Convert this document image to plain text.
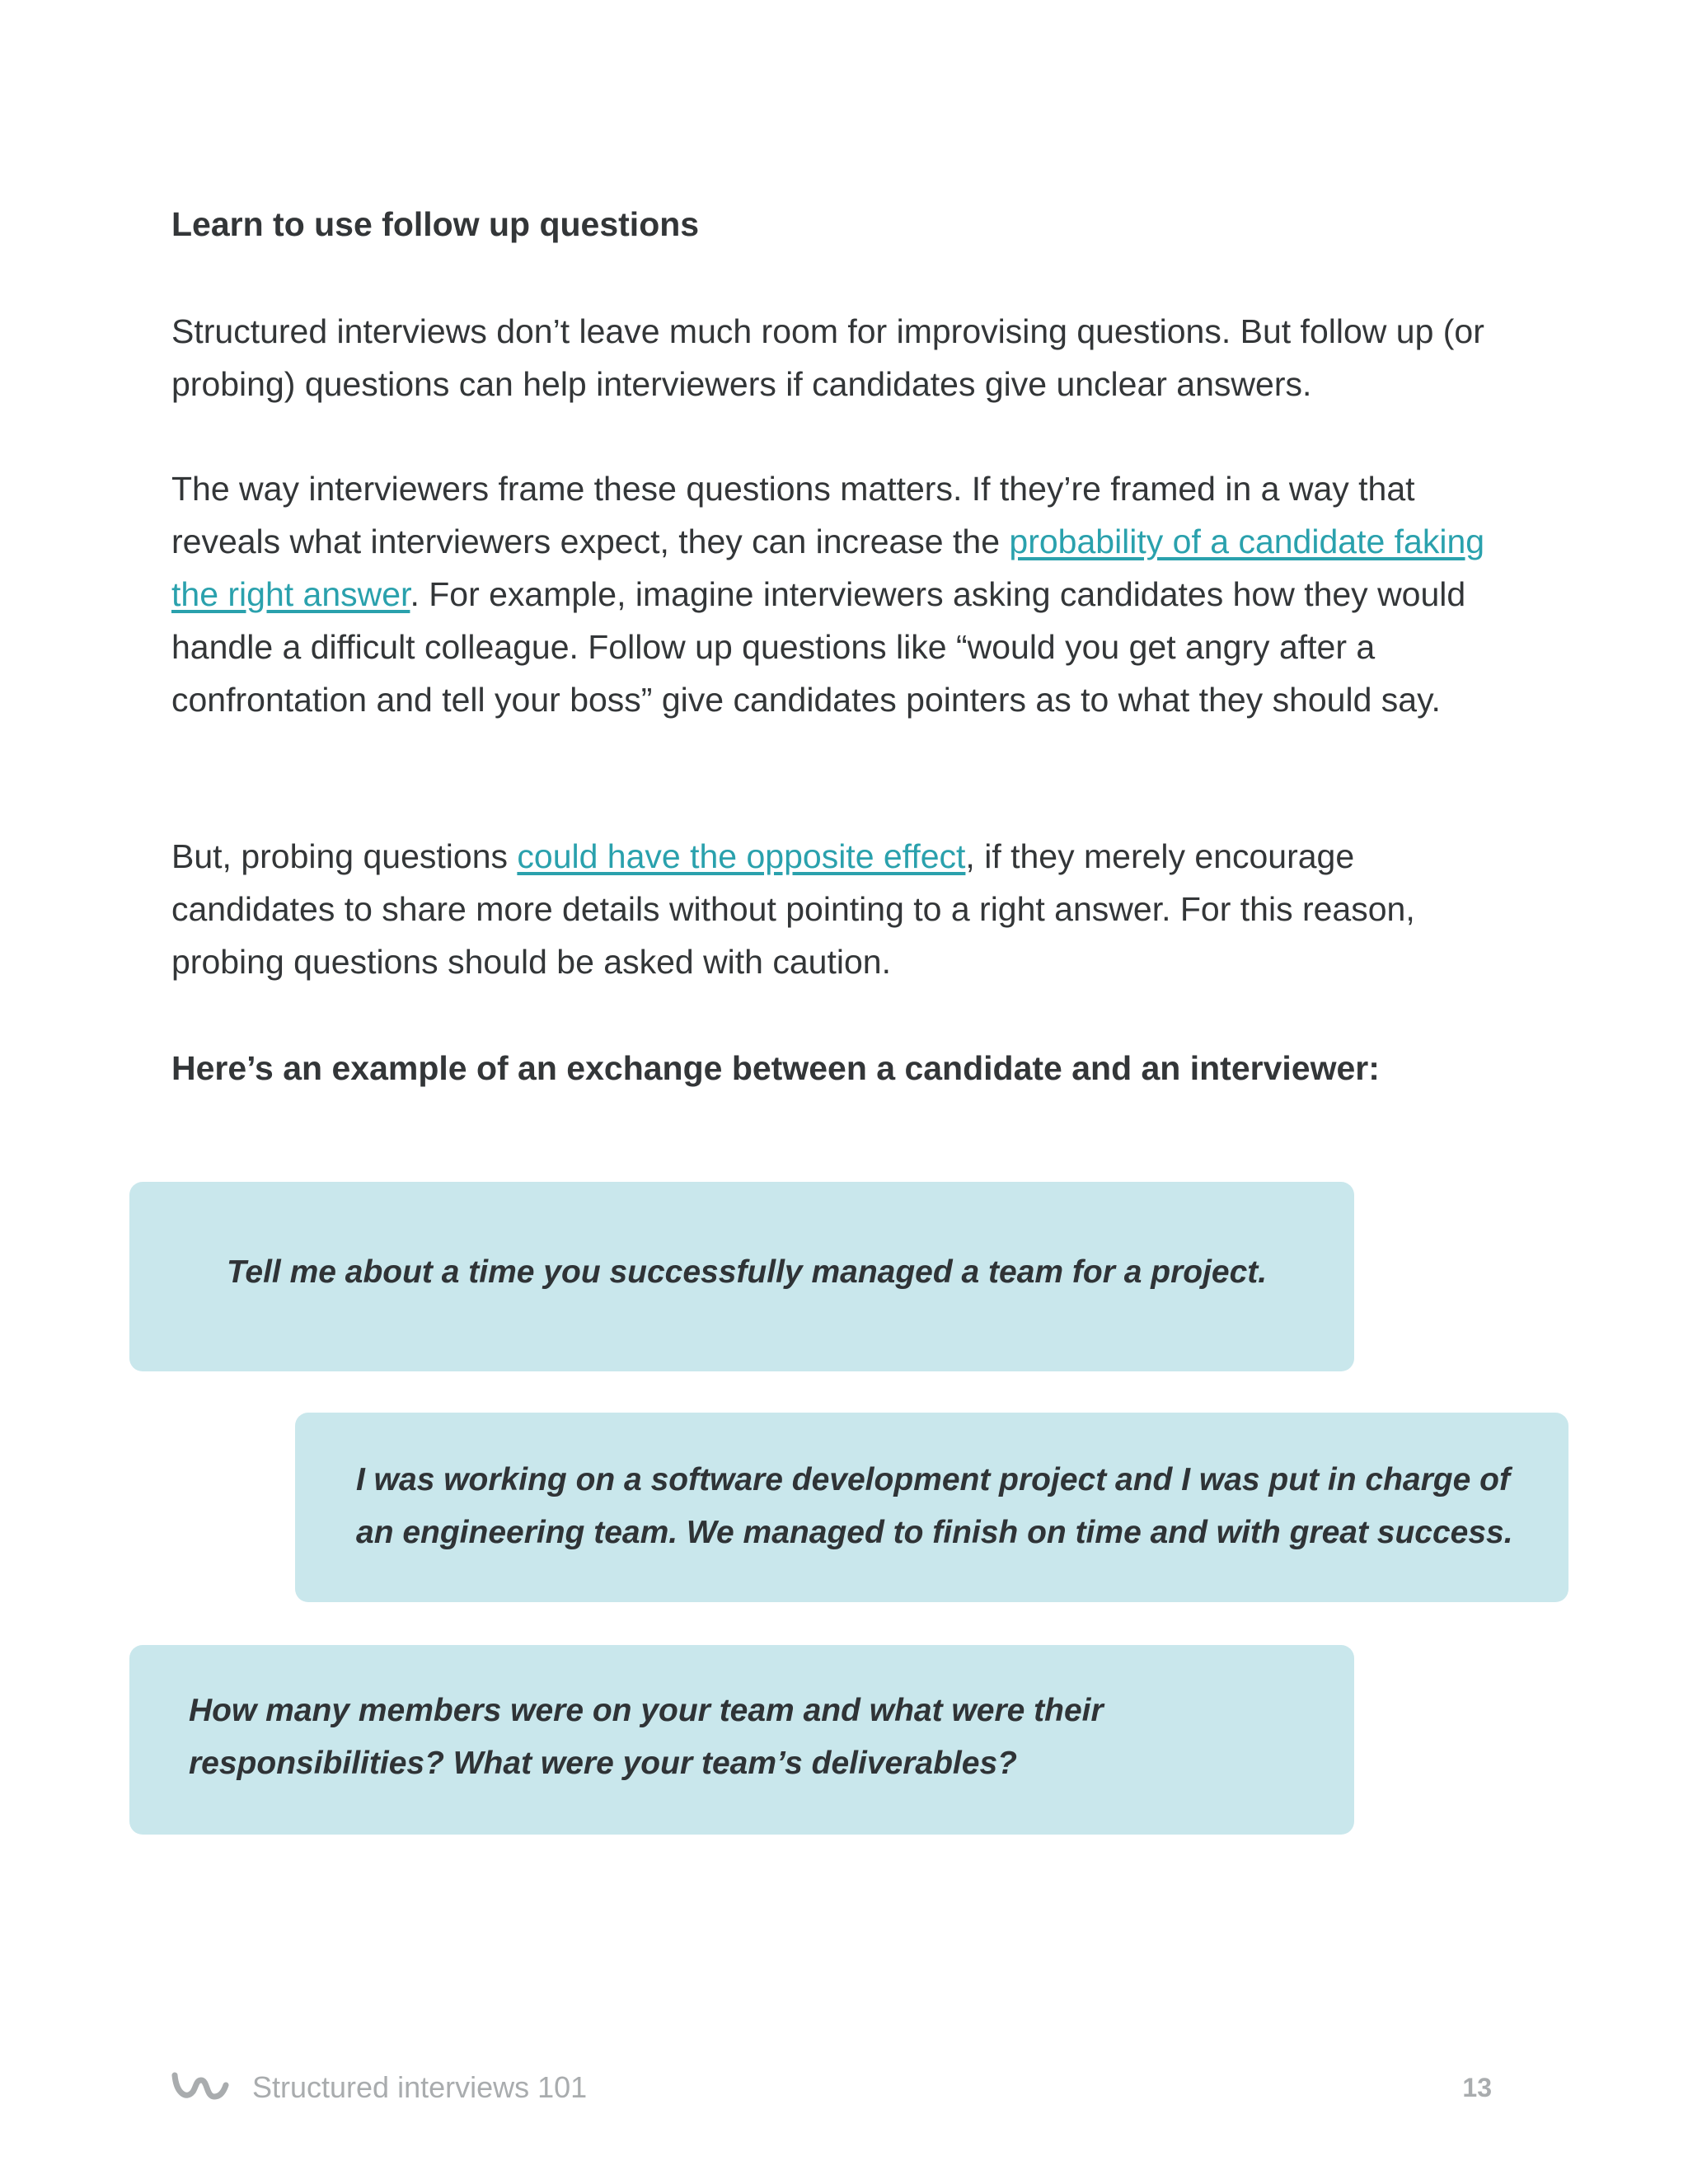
Learn to use follow up questions

Structured interviews don’t leave much room for improvising questions. But follow up (or probing) questions can help interviewers if candidates give unclear answers.

The way interviewers frame these questions matters. If they’re framed in a way that reveals what interviewers expect, they can increase the probability of a candidate faking the right answer. For example, imagine interviewers asking candidates how they would handle a difficult colleague. Follow up questions like “would you get angry after a confrontation and tell your boss” give candidates pointers as to what they should say.

But, probing questions could have the opposite effect, if they merely encourage candidates to share more details without pointing to a right answer. For this reason, probing questions should be asked with caution.

Here’s an example of an exchange between a candidate and an interviewer:

Tell me about a time you successfully managed a team for a project.

I was working on a software development project and I was put in charge of an engineering team. We managed to finish on time and with great success.

How many members were on your team and what were their responsibilities? What were your team’s deliverables?

Structured interviews 101	13
